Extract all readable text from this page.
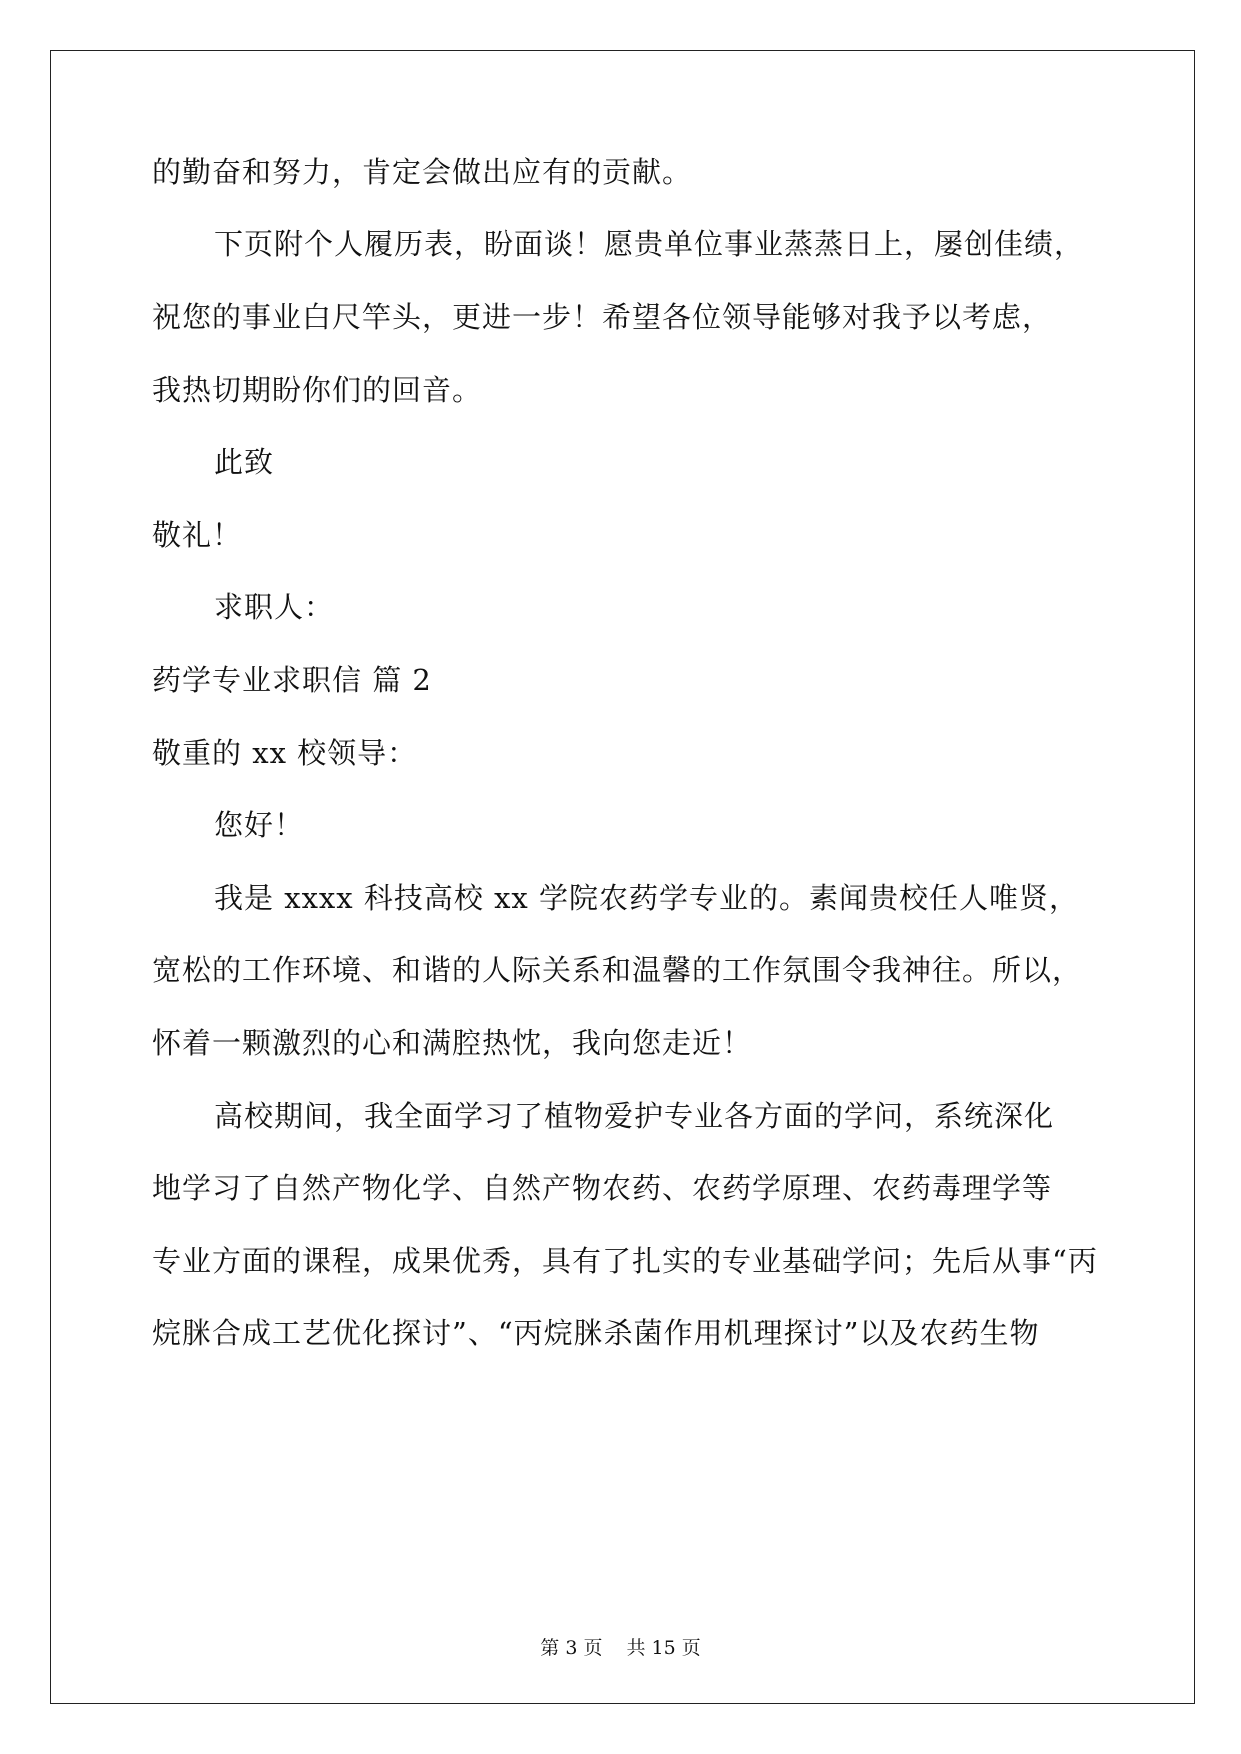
的勤奋和努力，肯定会做出应有的贡献。
下页附个人履历表，盼面谈！愿贵单位事业蒸蒸日上，屡创佳绩，
祝您的事业白尺竿头，更进一步！希望各位领导能够对我予以考虑，
我热切期盼你们的回音。
此致
敬礼！
求职人：
药学专业求职信 篇 2
敬重的 xx 校领导：
您好！
我是 xxxx 科技高校 xx 学院农药学专业的。素闻贵校任人唯贤，
宽松的工作环境、和谐的人际关系和温馨的工作氛围令我神往。所以，
怀着一颗激烈的心和满腔热忱，我向您走近！
高校期间，我全面学习了植物爱护专业各方面的学问，系统深化
地学习了自然产物化学、自然产物农药、农药学原理、农药毒理学等
专业方面的课程，成果优秀，具有了扎实的专业基础学问；先后从事“丙
烷脒合成工艺优化探讨”、“丙烷脒杀菌作用机理探讨”以及农药生物
第 3 页 共 15 页
